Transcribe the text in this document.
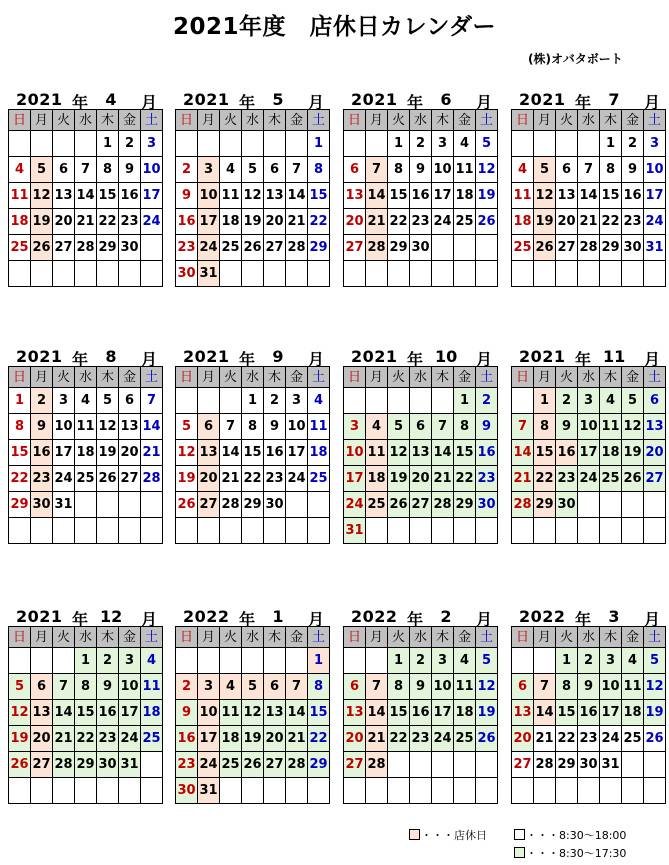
2021年度　店休日カレンダー
(株)オバタボート
2021 年	4	月
日	月	火	水	木	金	土
				1	2	3
4	5	6	7	8	9	10
11	12	13	14	15	16	17
18	19	20	21	22	23	24
25	26	27	28	29	30	

2021 年	5	月
日	月	火	水	木	金	土
						1
2	3	4	5	6	7	8
9	10	11	12	13	14	15
16	17	18	19	20	21	22
23	24	25	26	27	28	29
30	31					
2021 年	6	月
日	月	火	水	木	金	土
		1	2	3	4	5
6	7	8	9	10	11	12
13	14	15	16	17	18	19
20	21	22	23	24	25	26
27	28	29	30			

2021 年	7	月
日	月	火	水	木	金	土
				1	2	3
4	5	6	7	8	9	10
11	12	13	14	15	16	17
18	19	20	21	22	23	24
25	26	27	28	29	30	31

2021 年	8	月
日	月	火	水	木	金	土
1	2	3	4	5	6	7
8	9	10	11	12	13	14
15	16	17	18	19	20	21
22	23	24	25	26	27	28
29	30	31				

2021 年	9	月
日	月	火	水	木	金	土
			1	2	3	4
5	6	7	8	9	10	11
12	13	14	15	16	17	18
19	20	21	22	23	24	25
26	27	28	29	30		

2021 年 10 月
日	月	火	水	木	金	土
					1	2
3	4	5	6	7	8	9
10	11	12	13	14	15	16
17	18	19	20	21	22	23
24	25	26	27	28	29	30
31						
2021 年 11 月
日	月	火	水	木	金	土
	1	2	3	4	5	6
7	8	9	10	11	12	13
14	15	16	17	18	19	20
21	22	23	24	25	26	27
28	29	30				

2021 年 12 月
日	月	火	水	木	金	土
			1	2	3	4
5	6	7	8	9	10	11
12	13	14	15	16	17	18
19	20	21	22	23	24	25
26	27	28	29	30	31	

2022 年	1	月
日	月	火	水	木	金	土
						1
2	3	4	5	6	7	8
9	10	11	12	13	14	15
16	17	18	19	20	21	22
23	24	25	26	27	28	29
30	31					
2022 年	2	月
日	月	火	水	木	金	土
		1	2	3	4	5
6	7	8	9	10	11	12
13	14	15	16	17	18	19
20	21	22	23	24	25	26
27	28					

2022 年	3	月
日	月	火	水	木	金	土
		1	2	3	4	5
6	7	8	9	10	11	12
13	14	15	16	17	18	19
20	21	22	23	24	25	26
27	28	29	30	31		

・・・店休日	・・・8:30～18:00
・・・8:30～17:30
